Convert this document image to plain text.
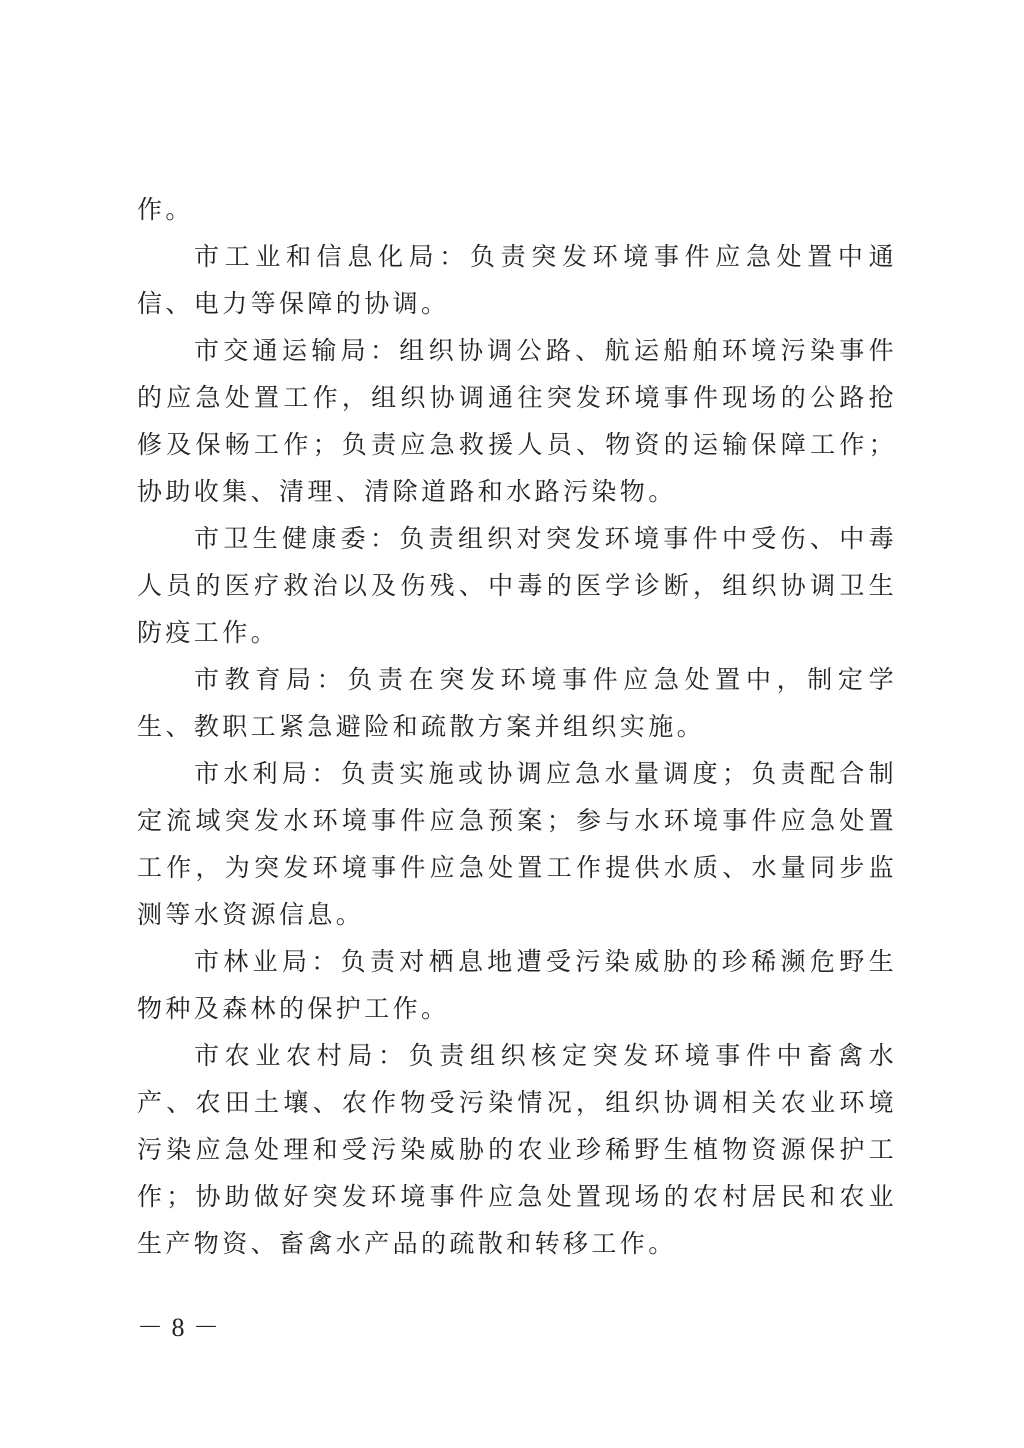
作。

市工业和信息化局：负责突发环境事件应急处置中通信、电力等保障的协调。

市交通运输局：组织协调公路、航运船舶环境污染事件的应急处置工作，组织协调通往突发环境事件现场的公路抢修及保畅工作；负责应急救援人员、物资的运输保障工作；协助收集、清理、清除道路和水路污染物。

市卫生健康委：负责组织对突发环境事件中受伤、中毒人员的医疗救治以及伤残、中毒的医学诊断，组织协调卫生防疫工作。

市教育局：负责在突发环境事件应急处置中，制定学生、教职工紧急避险和疏散方案并组织实施。

市水利局：负责实施或协调应急水量调度；负责配合制定流域突发水环境事件应急预案；参与水环境事件应急处置工作，为突发环境事件应急处置工作提供水质、水量同步监测等水资源信息。

市林业局：负责对栖息地遭受污染威胁的珍稀濒危野生物种及森林的保护工作。

市农业农村局：负责组织核定突发环境事件中畜禽水产、农田土壤、农作物受污染情况，组织协调相关农业环境污染应急处理和受污染威胁的农业珍稀野生植物资源保护工作；协助做好突发环境事件应急处置现场的农村居民和农业生产物资、畜禽水产品的疏散和转移工作。

－ 8 －
